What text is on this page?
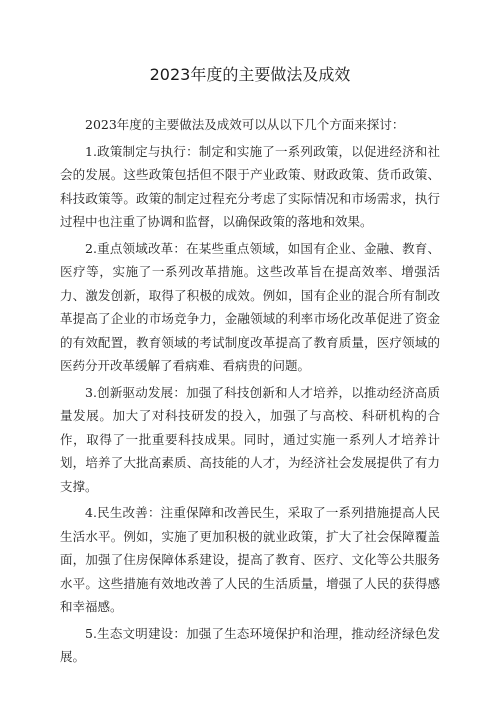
2023年度的主要做法及成效

2023年度的主要做法及成效可以从以下几个方面来探讨：

1.政策制定与执行：制定和实施了一系列政策，以促进经济和社会的发展。这些政策包括但不限于产业政策、财政政策、货币政策、科技政策等。政策的制定过程充分考虑了实际情况和市场需求，执行过程中也注重了协调和监督，以确保政策的落地和效果。

2.重点领域改革：在某些重点领域，如国有企业、金融、教育、医疗等，实施了一系列改革措施。这些改革旨在提高效率、增强活力、激发创新，取得了积极的成效。例如，国有企业的混合所有制改革提高了企业的市场竞争力，金融领域的利率市场化改革促进了资金的有效配置，教育领域的考试制度改革提高了教育质量，医疗领域的医药分开改革缓解了看病难、看病贵的问题。

3.创新驱动发展：加强了科技创新和人才培养，以推动经济高质量发展。加大了对科技研发的投入，加强了与高校、科研机构的合作，取得了一批重要科技成果。同时，通过实施一系列人才培养计划，培养了大批高素质、高技能的人才，为经济社会发展提供了有力支撑。

4.民生改善：注重保障和改善民生，采取了一系列措施提高人民生活水平。例如，实施了更加积极的就业政策，扩大了社会保障覆盖面，加强了住房保障体系建设，提高了教育、医疗、文化等公共服务水平。这些措施有效地改善了人民的生活质量，增强了人民的获得感和幸福感。

5.生态文明建设：加强了生态环境保护和治理，推动经济绿色发展。
